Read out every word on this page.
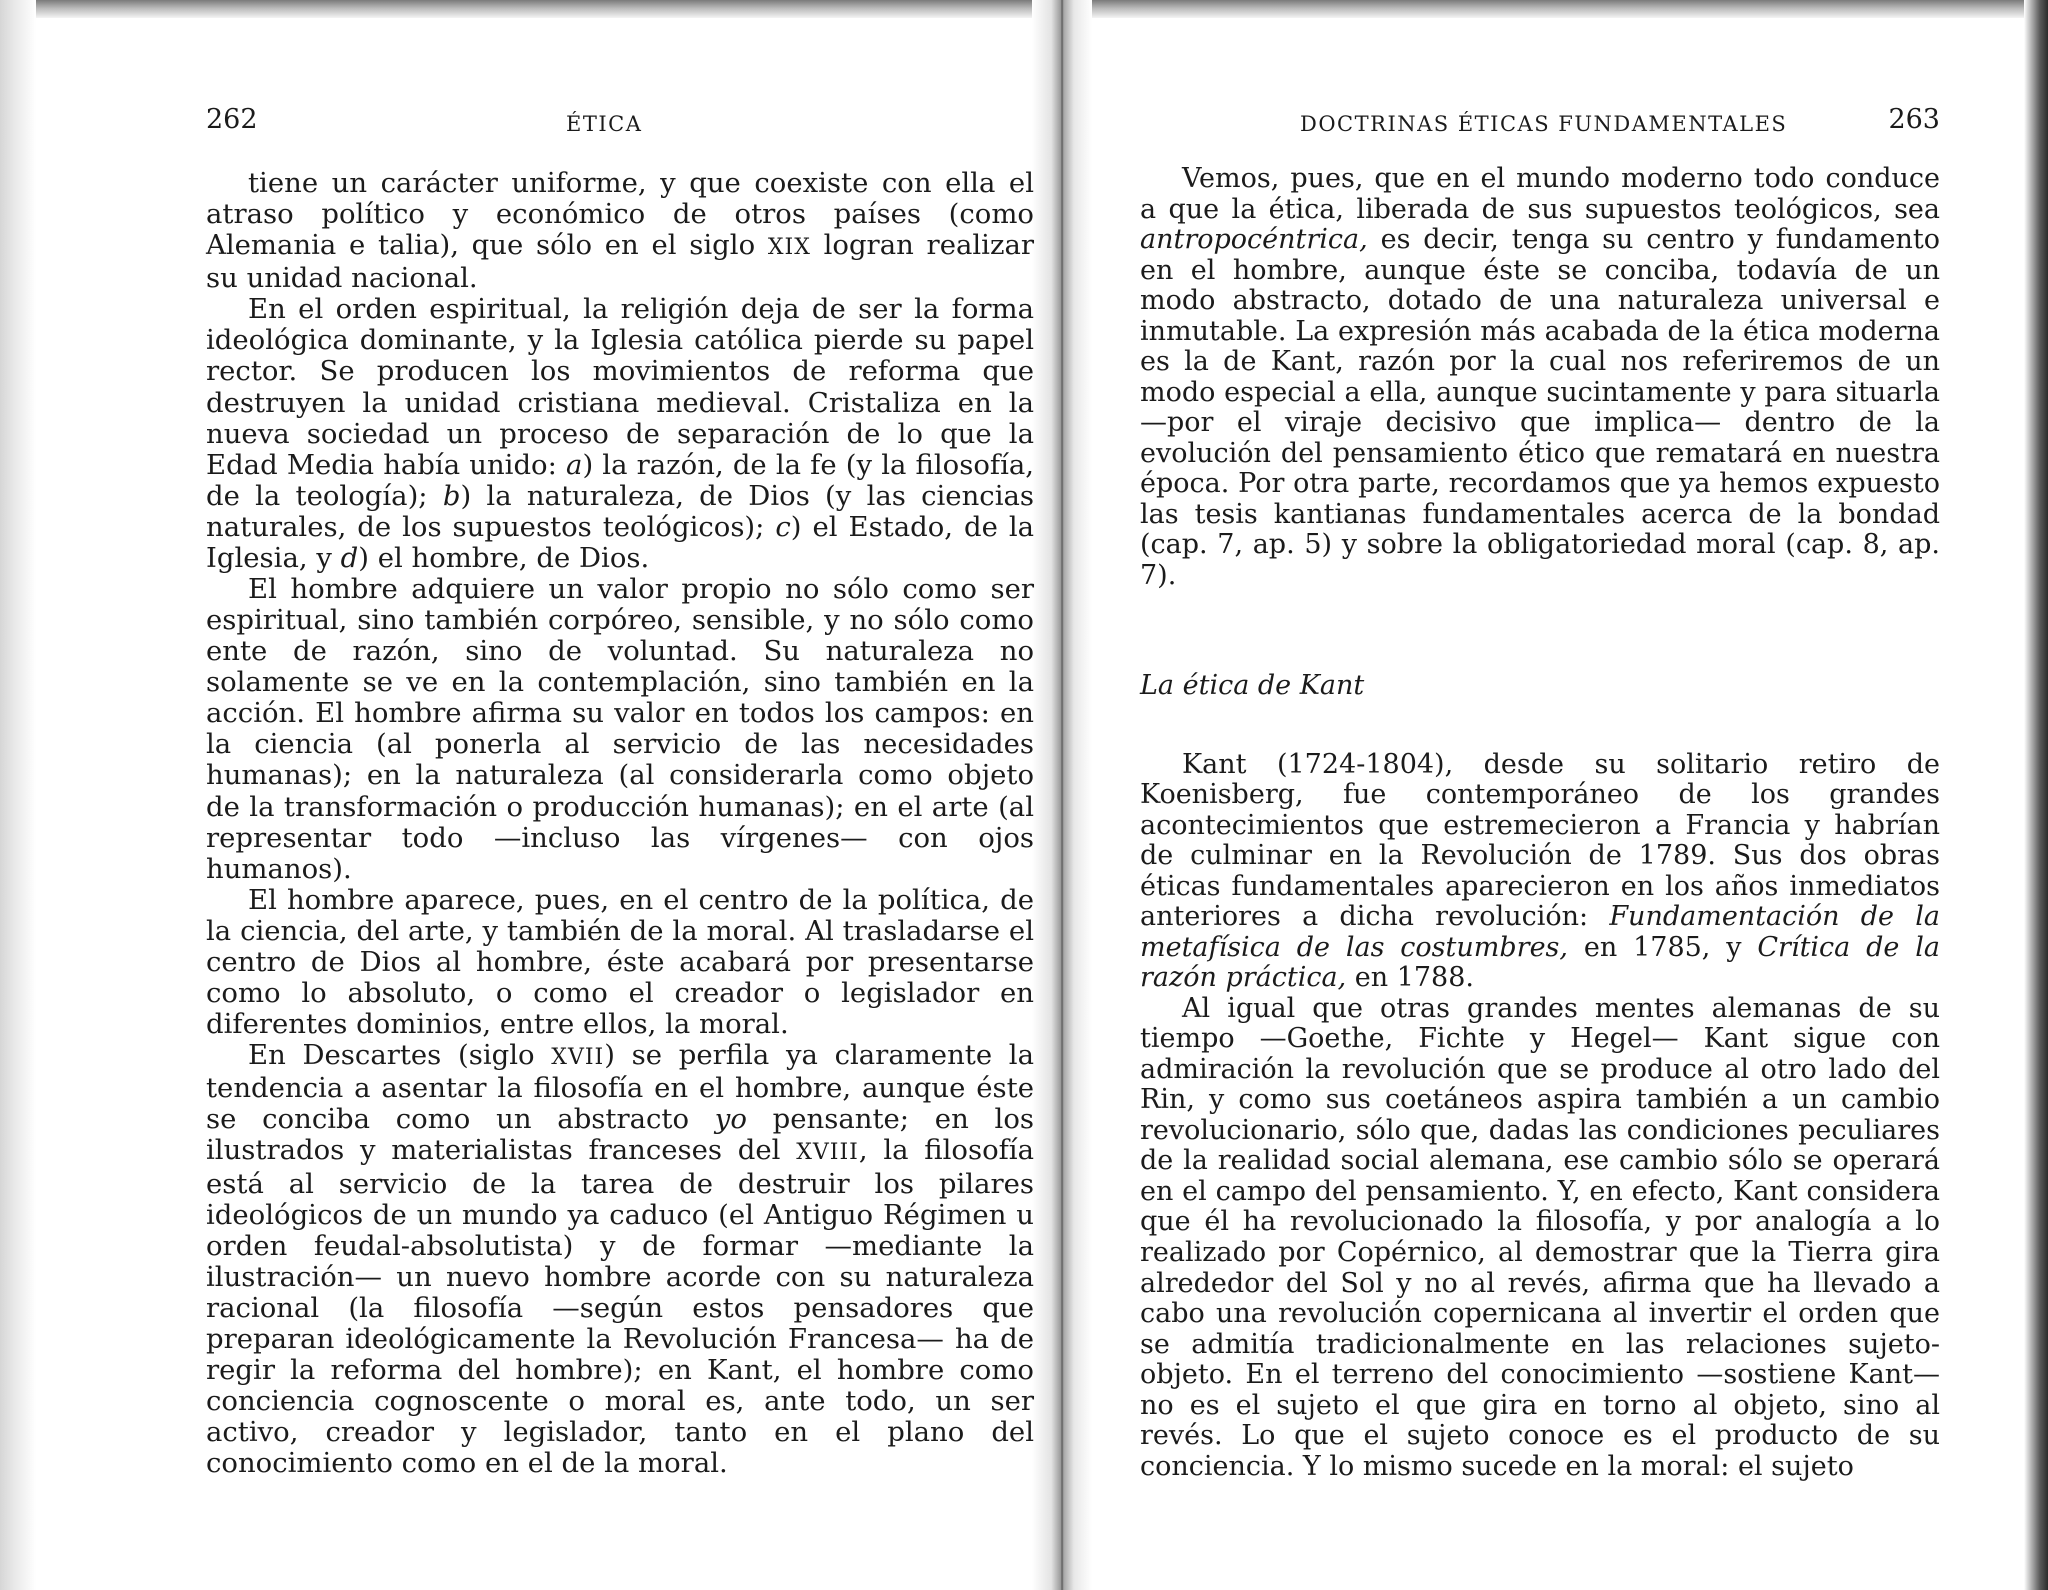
262	ÉTICA

tiene un carácter uniforme, y que coexiste con ella el atraso político y económico de otros países (como Alemania e talia), que sólo en el siglo XIX logran realizar su unidad nacional.

En el orden espiritual, la religión deja de ser la forma ideológica dominante, y la Iglesia católica pierde su papel rector. Se producen los movimientos de reforma que destruyen la unidad cristiana medieval. Cristaliza en la nueva sociedad un proceso de separación de lo que la Edad Media había unido: a) la razón, de la fe (y la filosofía, de la teología); b) la naturaleza, de Dios (y las ciencias naturales, de los supuestos teológicos); c) el Estado, de la Iglesia, y d) el hombre, de Dios.

El hombre adquiere un valor propio no sólo como ser espiritual, sino también corpóreo, sensible, y no sólo como ente de razón, sino de voluntad. Su naturaleza no solamente se ve en la contemplación, sino también en la acción. El hombre afirma su valor en todos los campos: en la ciencia (al ponerla al servicio de las necesidades humanas); en la naturaleza (al considerarla como objeto de la transformación o producción humanas); en el arte (al representar todo —incluso las vírgenes— con ojos humanos).

El hombre aparece, pues, en el centro de la política, de la ciencia, del arte, y también de la moral. Al trasladarse el centro de Dios al hombre, éste acabará por presentarse como lo absoluto, o como el creador o legislador en diferentes dominios, entre ellos, la moral.

En Descartes (siglo XVII) se perfila ya claramente la tendencia a asentar la filosofía en el hombre, aunque éste se conciba como un abstracto yo pensante; en los ilustrados y materialistas franceses del XVIII, la filosofía está al servicio de la tarea de destruir los pilares ideológicos de un mundo ya caduco (el Antiguo Régimen u orden feudal-absolutista) y de formar —mediante la ilustración— un nuevo hombre acorde con su naturaleza racional (la filosofía —según estos pensadores que preparan ideológicamente la Revolución Francesa— ha de regir la reforma del hombre); en Kant, el hombre como conciencia cognoscente o moral es, ante todo, un ser activo, creador y legislador, tanto en el plano del conocimiento como en el de la moral.

DOCTRINAS ÉTICAS FUNDAMENTALES	263

Vemos, pues, que en el mundo moderno todo conduce a que la ética, liberada de sus supuestos teológicos, sea antropocéntrica, es decir, tenga su centro y fundamento en el hombre, aunque éste se conciba, todavía de un modo abstracto, dotado de una naturaleza universal e inmutable. La expresión más acabada de la ética moderna es la de Kant, razón por la cual nos referiremos de un modo especial a ella, aunque sucintamente y para situarla —por el viraje decisivo que implica— dentro de la evolución del pensamiento ético que rematará en nuestra época. Por otra parte, recordamos que ya hemos expuesto las tesis kantianas fundamentales acerca de la bondad (cap. 7, ap. 5) y sobre la obligatoriedad moral (cap. 8, ap. 7).

La ética de Kant

Kant (1724-1804), desde su solitario retiro de Koenisberg, fue contemporáneo de los grandes acontecimientos que estremecieron a Francia y habrían de culminar en la Revolución de 1789. Sus dos obras éticas fundamentales aparecieron en los años inmediatos anteriores a dicha revolución: Fundamentación de la metafísica de las costumbres, en 1785, y Crítica de la razón práctica, en 1788.

Al igual que otras grandes mentes alemanas de su tiempo —Goethe, Fichte y Hegel— Kant sigue con admiración la revolución que se produce al otro lado del Rin, y como sus coetáneos aspira también a un cambio revolucionario, sólo que, dadas las condiciones peculiares de la realidad social alemana, ese cambio sólo se operará en el campo del pensamiento. Y, en efecto, Kant considera que él ha revolucionado la filosofía, y por analogía a lo realizado por Copérnico, al demostrar que la Tierra gira alrededor del Sol y no al revés, afirma que ha llevado a cabo una revolución copernicana al invertir el orden que se admitía tradicionalmente en las relaciones sujeto-objeto. En el terreno del conocimiento —sostiene Kant— no es el sujeto el que gira en torno al objeto, sino al revés. Lo que el sujeto conoce es el producto de su conciencia. Y lo mismo sucede en la moral: el sujeto
